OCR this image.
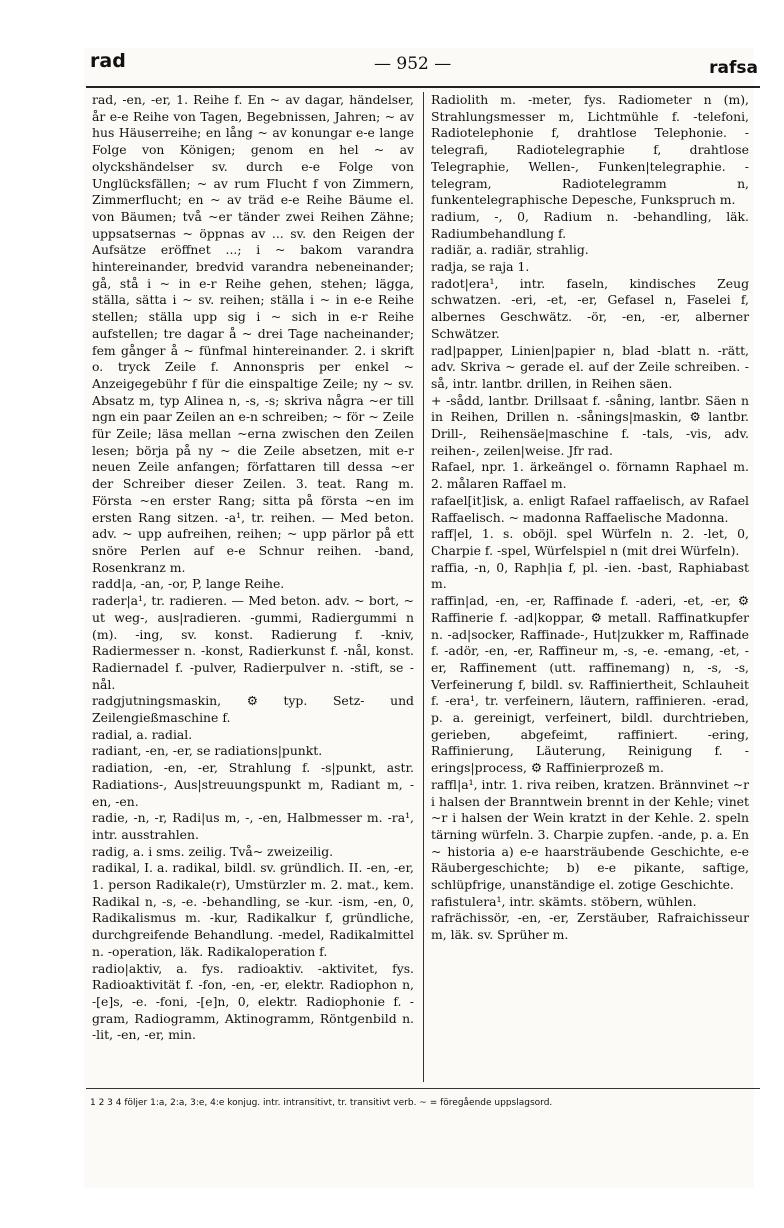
rad	— 952 —	rafsa

rad, -en, -er, 1. Reihe f. En ~ av dagar, händelser, år e-e Reihe von Tagen, Begebnissen, Jahren; ~ av hus Häuserreihe; en lång ~ av konungar e-e lange Folge von Königen; genom en hel ~ av olyckshändelser sv. durch e-e Folge von Unglücksfällen; ~ av rum Flucht f von Zimmern, Zimmerflucht; en ~ av träd e-e Reihe Bäume el. von Bäumen; två ~er tänder zwei Reihen Zähne; uppsatsernas ~ öppnas av ... sv. den Reigen der Aufsätze eröffnet ...; i ~ bakom varandra hintereinander, bredvid varandra nebeneinander; gå, stå i ~ in e-r Reihe gehen, stehen; lägga, ställa, sätta i ~ sv. reihen; ställa i ~ in e-e Reihe stellen; ställa upp sig i ~ sich in e-r Reihe aufstellen; tre dagar å ~ drei Tage nacheinander; fem gånger å ~ fünfmal hintereinander. 2. i skrift o. tryck Zeile f. Annonspris per enkel ~ Anzeigegebühr f für die einspaltige Zeile; ny ~ sv. Absatz m, typ Alinea n, -s, -s; skriva några ~er till ngn ein paar Zeilen an e-n schreiben; ~ för ~ Zeile für Zeile; läsa mellan ~erna zwischen den Zeilen lesen; börja på ny ~ die Zeile absetzen, mit e-r neuen Zeile anfangen; författaren till dessa ~er der Schreiber dieser Zeilen. 3. teat. Rang m. Första ~en erster Rang; sitta på första ~en im ersten Rang sitzen. -a¹, tr. reihen. — Med beton. adv. ~ upp aufreihen, reihen; ~ upp pärlor på ett snöre Perlen auf e-e Schnur reihen. -band, Rosenkranz m.

radd|a, -an, -or, P, lange Reihe.

rader|a¹, tr. radieren. — Med beton. adv. ~ bort, ~ ut weg-, aus|radieren. -gummi, Radiergummi n (m). -ing, sv. konst. Radierung f. -kniv, Radiermesser n. -konst, Radierkunst f. -nål, konst. Radiernadel f. -pulver, Radierpulver n. -stift, se -nål.

radgjutningsmaskin, ⚙ typ. Setz- und Zeilengießmaschine f.

radial, a. radial.

radiant, -en, -er, se radiations|punkt.

radiation, -en, -er, Strahlung f. -s|punkt, astr. Radiations-, Aus|streuungspunkt m, Radiant m, -en, -en.

radie, -n, -r, Radi|us m, -, -en, Halbmesser m. -ra¹, intr. ausstrahlen.

radig, a. i sms. zeilig. Två~ zweizeilig.

radikal, I. a. radikal, bildl. sv. gründlich. II. -en, -er, 1. person Radikale(r), Umstürzler m. 2. mat., kem. Radikal n, -s, -e. -behandling, se -kur. -ism, -en, 0, Radikalismus m. -kur, Radikalkur f, gründliche, durchgreifende Behandlung. -medel, Radikalmittel n. -operation, läk. Radikaloperation f.

radio|aktiv, a. fys. radioaktiv. -aktivitet, fys. Radioaktivität f. -fon, -en, -er, elektr. Radiophon n, -[e]s, -e. -foni, -[e]n, 0, elektr. Radiophonie f. -gram, Radiogramm, Aktinogramm, Röntgenbild n. -lit, -en, -er, min.

Radiolith m. -meter, fys. Radiometer n (m), Strahlungsmesser m, Lichtmühle f. -telefoni, Radiotelephonie f, drahtlose Telephonie. -telegrafi, Radiotelegraphie f, drahtlose Telegraphie, Wellen-, Funken|telegraphie. -telegram, Radiotelegramm n, funkentelegraphische Depesche, Funkspruch m.

radium, -, 0, Radium n. -behandling, läk. Radiumbehandlung f.

radiär, a. radiär, strahlig.

radja, se raja 1.

radot|era¹, intr. faseln, kindisches Zeug schwatzen. -eri, -et, -er, Gefasel n, Faselei f, albernes Geschwätz. -ör, -en, -er, alberner Schwätzer.

rad|papper, Linien|papier n, blad -blatt n. -rätt, adv. Skriva ~ gerade el. auf der Zeile schreiben. -så, intr. lantbr. drillen, in Reihen säen.

+ -sådd, lantbr. Drillsaat f. -såning, lantbr. Säen n in Reihen, Drillen n. -sånings|maskin, ⚙ lantbr. Drill-, Reihensäe|maschine f. -tals, -vis, adv. reihen-, zeilen|weise. Jfr rad.

Rafael, npr. 1. ärkeängel o. förnamn Raphael m. 2. målaren Raffael m.

rafael[it]isk, a. enligt Rafael raffaelisch, av Rafael Raffaelisch. ~ madonna Raffaelische Madonna.

raff|el, 1. s. oböjl. spel Würfeln n. 2. -let, 0, Charpie f. -spel, Würfelspiel n (mit drei Würfeln).

raffia, -n, 0, Raph|ia f, pl. -ien. -bast, Raphiabast m.

raffin|ad, -en, -er, Raffinade f. -aderi, -et, -er, ⚙ Raffinerie f. -ad|koppar, ⚙ metall. Raffinatkupfer n. -ad|socker, Raffinade-, Hut|zukker m, Raffinade f. -adör, -en, -er, Raffineur m, -s, -e. -emang, -et, -er, Raffinement (utt. raffinemang) n, -s, -s, Verfeinerung f, bildl. sv. Raffiniertheit, Schlauheit f. -era¹, tr. verfeinern, läutern, raffinieren. -erad, p. a. gereinigt, verfeinert, bildl. durchtrieben, gerieben, abgefeimt, raffiniert. -ering, Raffinierung, Läuterung, Reinigung f. -erings|process, ⚙ Raffinierprozeß m.

raffl|a¹, intr. 1. riva reiben, kratzen. Brännvinet ~r i halsen der Branntwein brennt in der Kehle; vinet ~r i halsen der Wein kratzt in der Kehle. 2. speln tärning würfeln. 3. Charpie zupfen. -ande, p. a. En ~ historia a) e-e haarsträubende Geschichte, e-e Räubergeschichte; b) e-e pikante, saftige, schlüpfrige, unanständige el. zotige Geschichte.

rafistulera¹, intr. skämts. stöbern, wühlen.

rafrächissör, -en, -er, Zerstäuber, Rafraichisseur m, läk. sv. Sprüher m.

1 2 3 4 följer 1:a, 2:a, 3:e, 4:e konjug. intr. intransitivt, tr. transitivt verb. ~ = föregående uppslagsord.
